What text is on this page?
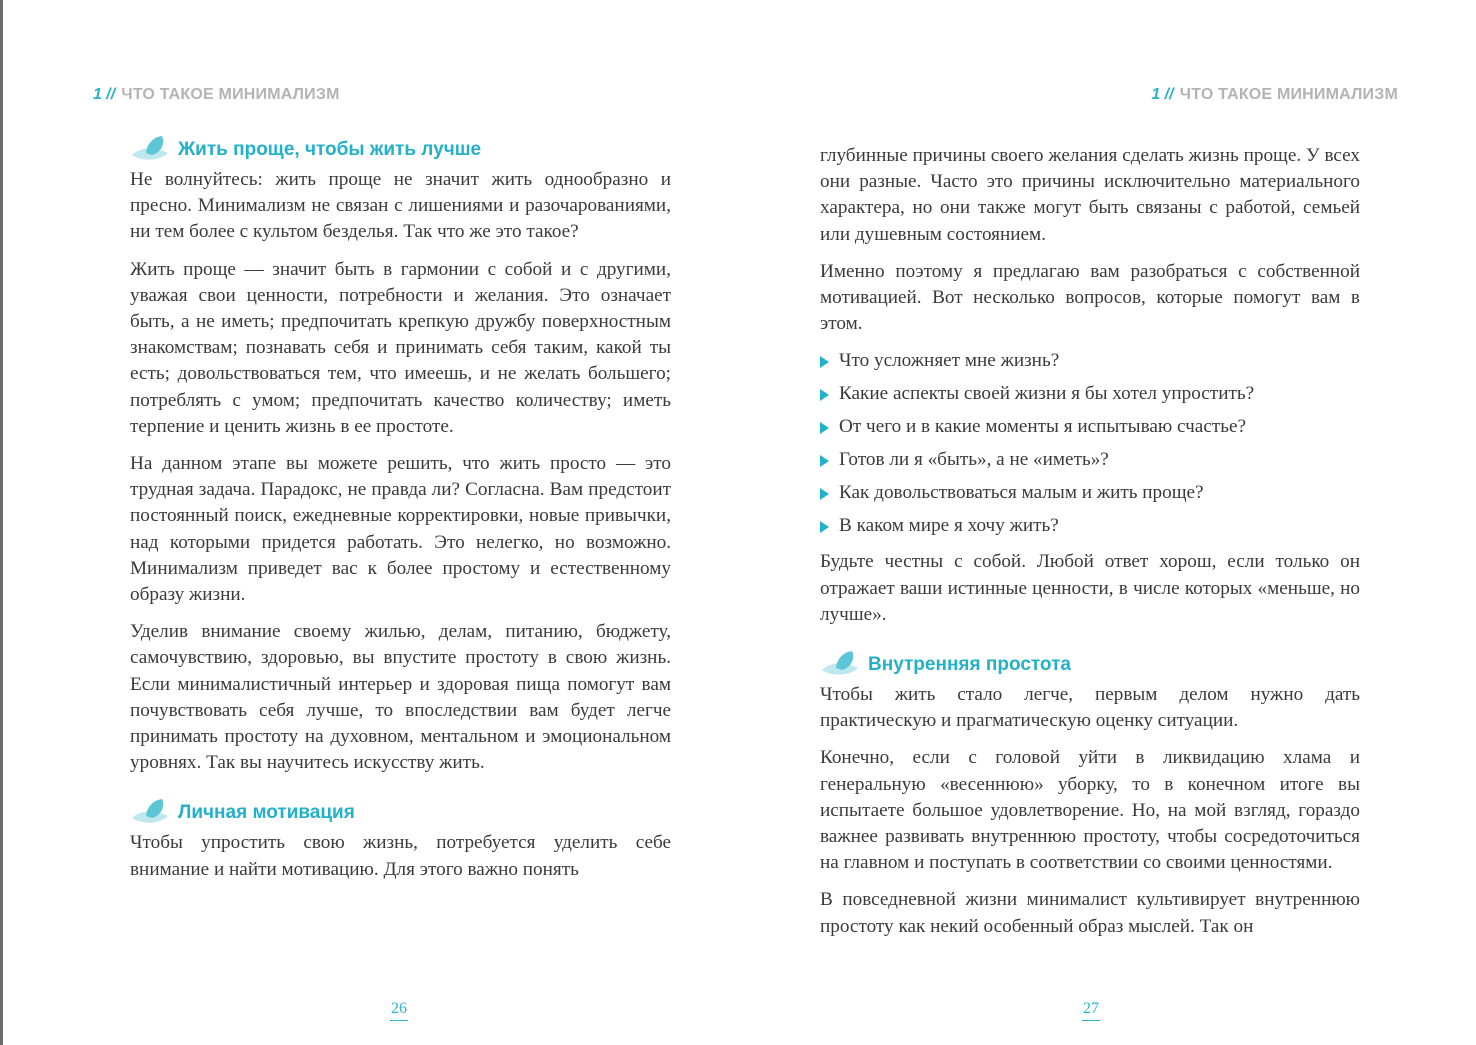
1 // ЧТО ТАКОЕ МИНИМАЛИЗМ
Жить проще, чтобы жить лучше

Не волнуйтесь: жить проще не значит жить однообразно и пресно. Минимализм не связан с лишениями и разочарованиями, ни тем более с культом безделья. Так что же это такое?

Жить проще — значит быть в гармонии с собой и с другими, уважая свои ценности, потребности и желания. Это означает быть, а не иметь; предпочитать крепкую дружбу поверхностным знакомствам; познавать себя и принимать себя таким, какой ты есть; довольствоваться тем, что имеешь, и не желать большего; потреблять с умом; предпочитать качество количеству; иметь терпение и ценить жизнь в ее простоте.

На данном этапе вы можете решить, что жить просто — это трудная задача. Парадокс, не правда ли? Согласна. Вам предстоит постоянный поиск, ежедневные корректировки, новые привычки, над которыми придется работать. Это нелегко, но возможно. Минимализм приведет вас к более простому и естественному образу жизни.

Уделив внимание своему жилью, делам, питанию, бюджету, самочувствию, здоровью, вы впустите простоту в свою жизнь. Если минималистичный интерьер и здоровая пища помогут вам почувствовать себя лучше, то впоследствии вам будет легче принимать простоту на духовном, ментальном и эмоциональном уровнях. Так вы научитесь искусству жить.

Личная мотивация

Чтобы упростить свою жизнь, потребуется уделить себе внимание и найти мотивацию. Для этого важно понять

26
1 // ЧТО ТАКОЕ МИНИМАЛИЗМ

глубинные причины своего желания сделать жизнь проще. У всех они разные. Часто это причины исключительно материального характера, но они также могут быть связаны с работой, семьей или душевным состоянием.

Именно поэтому я предлагаю вам разобраться с собственной мотивацией. Вот несколько вопросов, которые помогут вам в этом.

Что усложняет мне жизнь?
Какие аспекты своей жизни я бы хотел упростить?
От чего и в какие моменты я испытываю счастье?
Готов ли я «быть», а не «иметь»?
Как довольствоваться малым и жить проще?
В каком мире я хочу жить?

Будьте честны с собой. Любой ответ хорош, если только он отражает ваши истинные ценности, в числе которых «меньше, но лучше».

Внутренняя простота

Чтобы жить стало легче, первым делом нужно дать практическую и прагматическую оценку ситуации.

Конечно, если с головой уйти в ликвидацию хлама и генеральную «весеннюю» уборку, то в конечном итоге вы испытаете большое удовлетворение. Но, на мой взгляд, гораздо важнее развивать внутреннюю простоту, чтобы сосредоточиться на главном и поступать в соответствии со своими ценностями.

В повседневной жизни минималист культивирует внутреннюю простоту как некий особенный образ мыслей. Так он

27
